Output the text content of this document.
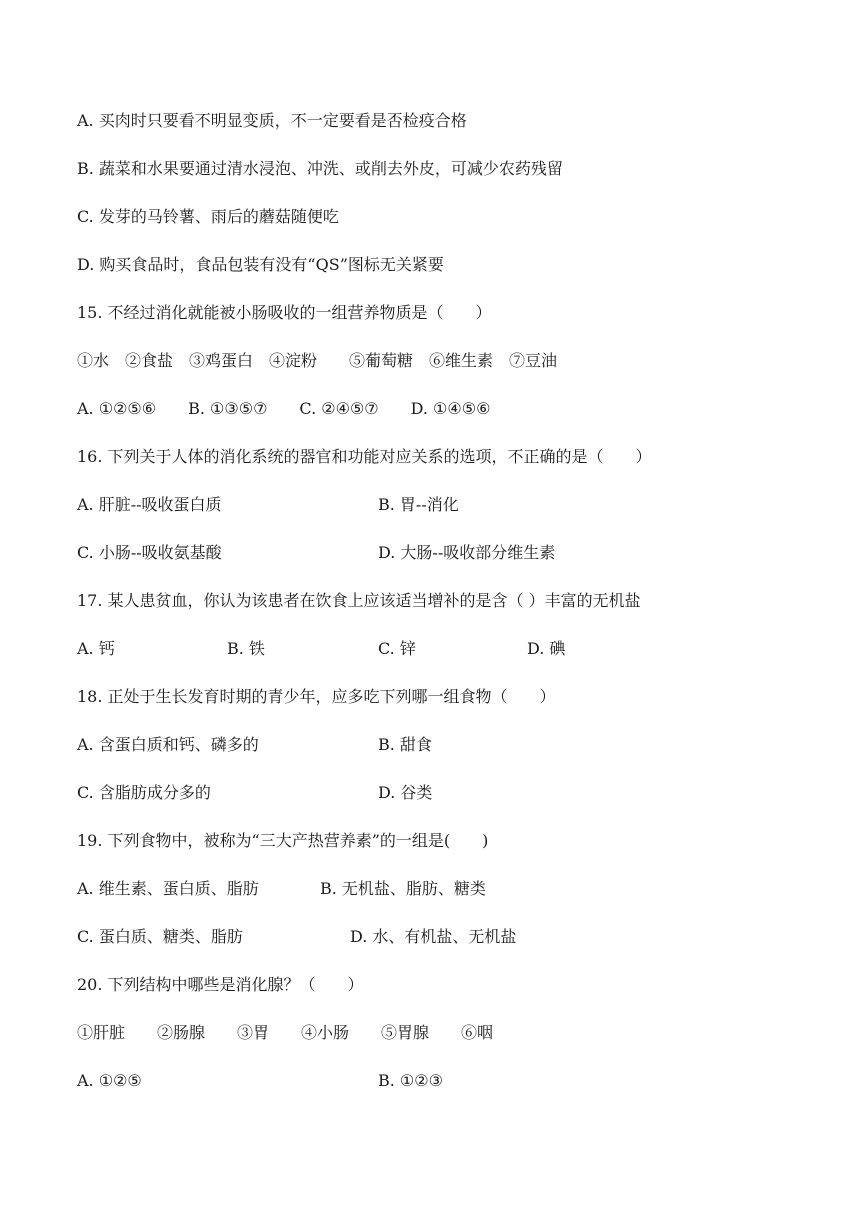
A. 买肉时只要看不明显变质，不一定要看是否检疫合格
B. 蔬菜和水果要通过清水浸泡、冲洗、或削去外皮，可减少农药残留
C. 发芽的马铃薯、雨后的蘑菇随便吃
D. 购买食品时，食品包装有没有“QS”图标无关紧要
15. 不经过消化就能被小肠吸收的一组营养物质是（　　）
①水　②食盐　③鸡蛋白　④淀粉　　⑤葡萄糖　⑥维生素　⑦豆油
A. ①②⑤⑥　　B. ①③⑤⑦　　C. ②④⑤⑦　　D. ①④⑤⑥
16. 下列关于人体的消化系统的器官和功能对应关系的选项，不正确的是（　　）

A. 肝脏--吸收蛋白质

	B. 胃--消化

C. 小肠--吸收氨基酸

	D. 大肠--吸收部分维生素

17. 某人患贫血，你认为该患者在饮食上应该适当增补的是含（ ）丰富的无机盐

A. 钙

	B. 铁

	C. 锌

	D. 碘

18. 正处于生长发育时期的青少年，应多吃下列哪一组食物（　　）

A. 含蛋白质和钙、磷多的

	B. 甜食

C. 含脂肪成分多的

	D. 谷类

19. 下列食物中，被称为“三大产热营养素”的一组是(　　)

A. 维生素、蛋白质、脂肪

	B. 无机盐、脂肪、糖类

C. 蛋白质、糖类、脂肪

	D. 水、有机盐、无机盐

20. 下列结构中哪些是消化腺？（　　）
①肝脏　　②肠腺　　③胃　　④小肠　　⑤胃腺　　⑥咽

A. ①②⑤

	B. ①②③
